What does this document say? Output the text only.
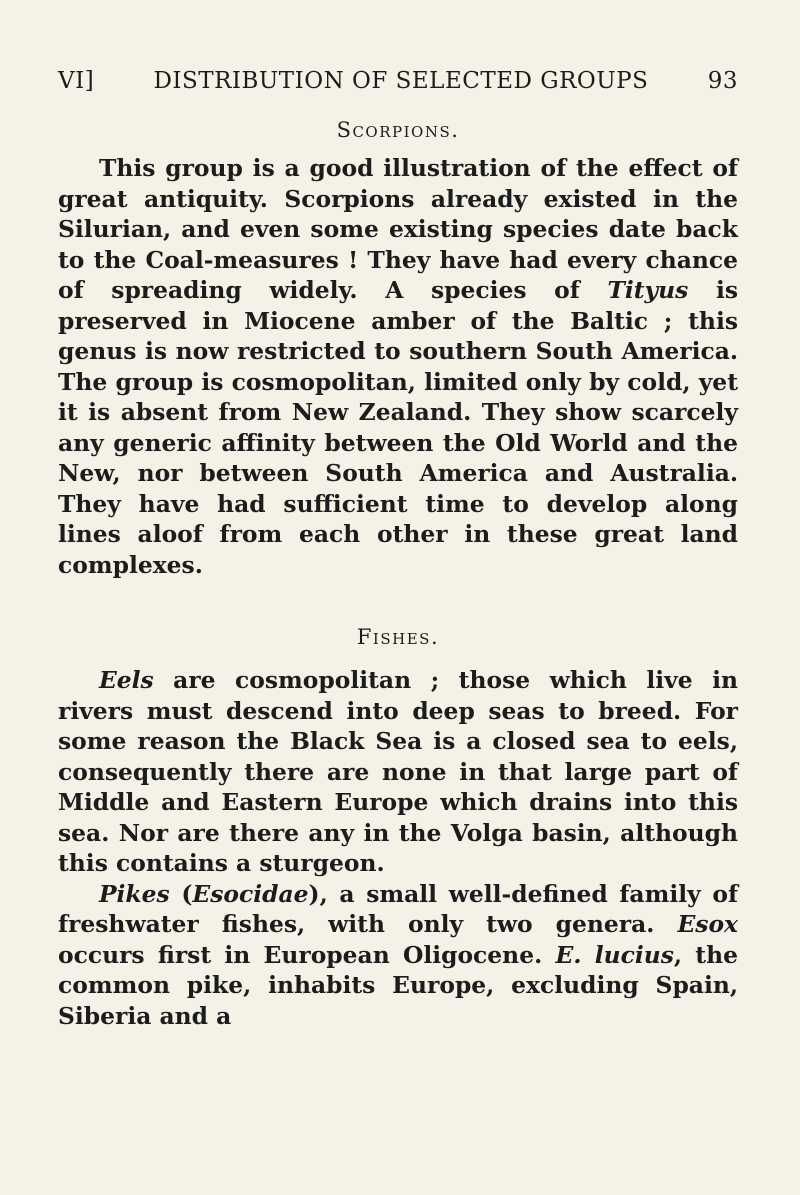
VI]	DISTRIBUTION OF SELECTED GROUPS	93
Scorpions.

This group is a good illustration of the effect of great antiquity. Scorpions already existed in the Silurian, and even some existing species date back to the Coal-measures ! They have had every chance of spreading widely. A species of Tityus is preserved in Miocene amber of the Baltic ; this genus is now restricted to southern South America. The group is cosmopolitan, limited only by cold, yet it is absent from New Zealand. They show scarcely any generic affinity between the Old World and the New, nor between South America and Australia. They have had sufficient time to develop along lines aloof from each other in these great land complexes.

Fishes.

Eels are cosmopolitan ; those which live in rivers must descend into deep seas to breed. For some reason the Black Sea is a closed sea to eels, consequently there are none in that large part of Middle and Eastern Europe which drains into this sea. Nor are there any in the Volga basin, although this contains a sturgeon.

Pikes (Esocidae), a small well-defined family of freshwater fishes, with only two genera. Esox occurs first in European Oligocene. E. lucius, the common pike, inhabits Europe, excluding Spain, Siberia and a
